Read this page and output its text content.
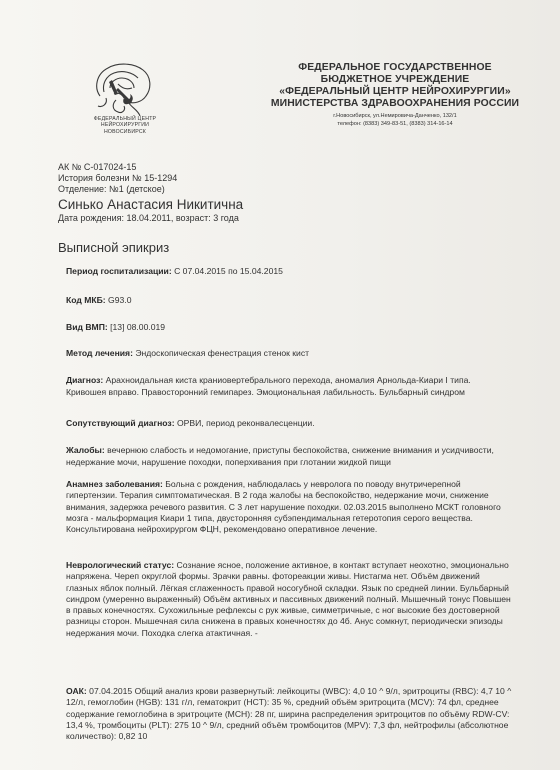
ФЕДЕРАЛЬНЫЙ ЦЕНТР
НЕЙРОХИРУРГИИ
НОВОСИБИРСК
ФЕДЕРАЛЬНОЕ ГОСУДАРСТВЕННОЕ
БЮДЖЕТНОЕ УЧРЕЖДЕНИЕ
«ФЕДЕРАЛЬНЫЙ ЦЕНТР НЕЙРОХИРУРГИИ»
МИНИСТЕРСТВА ЗДРАВООХРАНЕНИЯ РОССИИ
г.Новосибирск, ул.Немировича-Данченко, 132/1
телефон: (8383) 349-83-51, (8383) 314-16-14
АК № С-017024-15
История болезни № 15-1294
Отделение: №1 (детское)
Синько Анастасия Никитична
Дата рождения: 18.04.2011, возраст: 3 года
Выписной эпикриз
Период госпитализации: С 07.04.2015 по 15.04.2015
Код МКБ: G93.0
Вид ВМП: [13] 08.00.019
Метод лечения: Эндоскопическая фенестрация стенок кист
Диагноз: Арахноидальная киста краниовертебрального перехода, аномалия Арнольда-Киари I типа. Кривошея вправо. Правосторонний гемипарез. Эмоциональная лабильность. Бульбарный синдром
Сопутствующий диагноз: ОРВИ, период реконвалесценции.
Жалобы: вечернюю слабость и недомогание, приступы беспокойства, снижение внимания и усидчивости, недержание мочи, нарушение походки, поперхивания при глотании жидкой пищи
Анамнез заболевания: Больна с рождения, наблюдалась у невролога по поводу внутричерепной гипертензии. Терапия симптоматическая. В 2 года жалобы на беспокойство, недержание мочи, снижение внимания, задержка речевого развития. С 3 лет нарушение походки. 02.03.2015 выполнено МСКТ головного мозга - мальформация Киари 1 типа, двусторонняя субэпендимальная гетеротопия серого вещества. Консультирована нейрохирургом ФЦН, рекомендовано оперативное лечение.
Неврологический статус: Сознание ясное, положение активное, в контакт вступает неохотно, эмоционально напряжена. Череп округлой формы. Зрачки равны. фотореакции живы. Нистагма нет. Объём движений глазных яблок полный. Лёгкая сглаженность правой носогубной складки. Язык по средней линии. Бульбарный синдром (умеренно выраженный) Объём активных и пассивных движений полный. Мышечный тонус Повышен в правых конечностях. Сухожильные рефлексы с рук живые, симметричные, с ног высокие без достоверной разницы сторон. Мышечная сила снижена в правых конечностях до 4б. Анус сомкнут, периодически эпизоды недержания мочи. Походка слегка атактичная. -
ОАК: 07.04.2015 Общий анализ крови развернутый: лейкоциты (WBC): 4,0 10 ^ 9/л, эритроциты (RBC): 4,7 10 ^ 12/л, гемоглобин (HGB): 131 г/л, гематокрит (HCT): 35 %, средний объём эритроцита (MCV): 74 фл, среднее содержание гемоглобина в эритроците (MCH): 28 пг, ширина распределения эритроцитов по объёму RDW-CV: 13,4 %, тромбоциты (PLT): 275 10 ^ 9/л, средний объём тромбоцитов (MPV): 7,3 фл, нейтрофилы (абсолютное количество): 0,82 10
